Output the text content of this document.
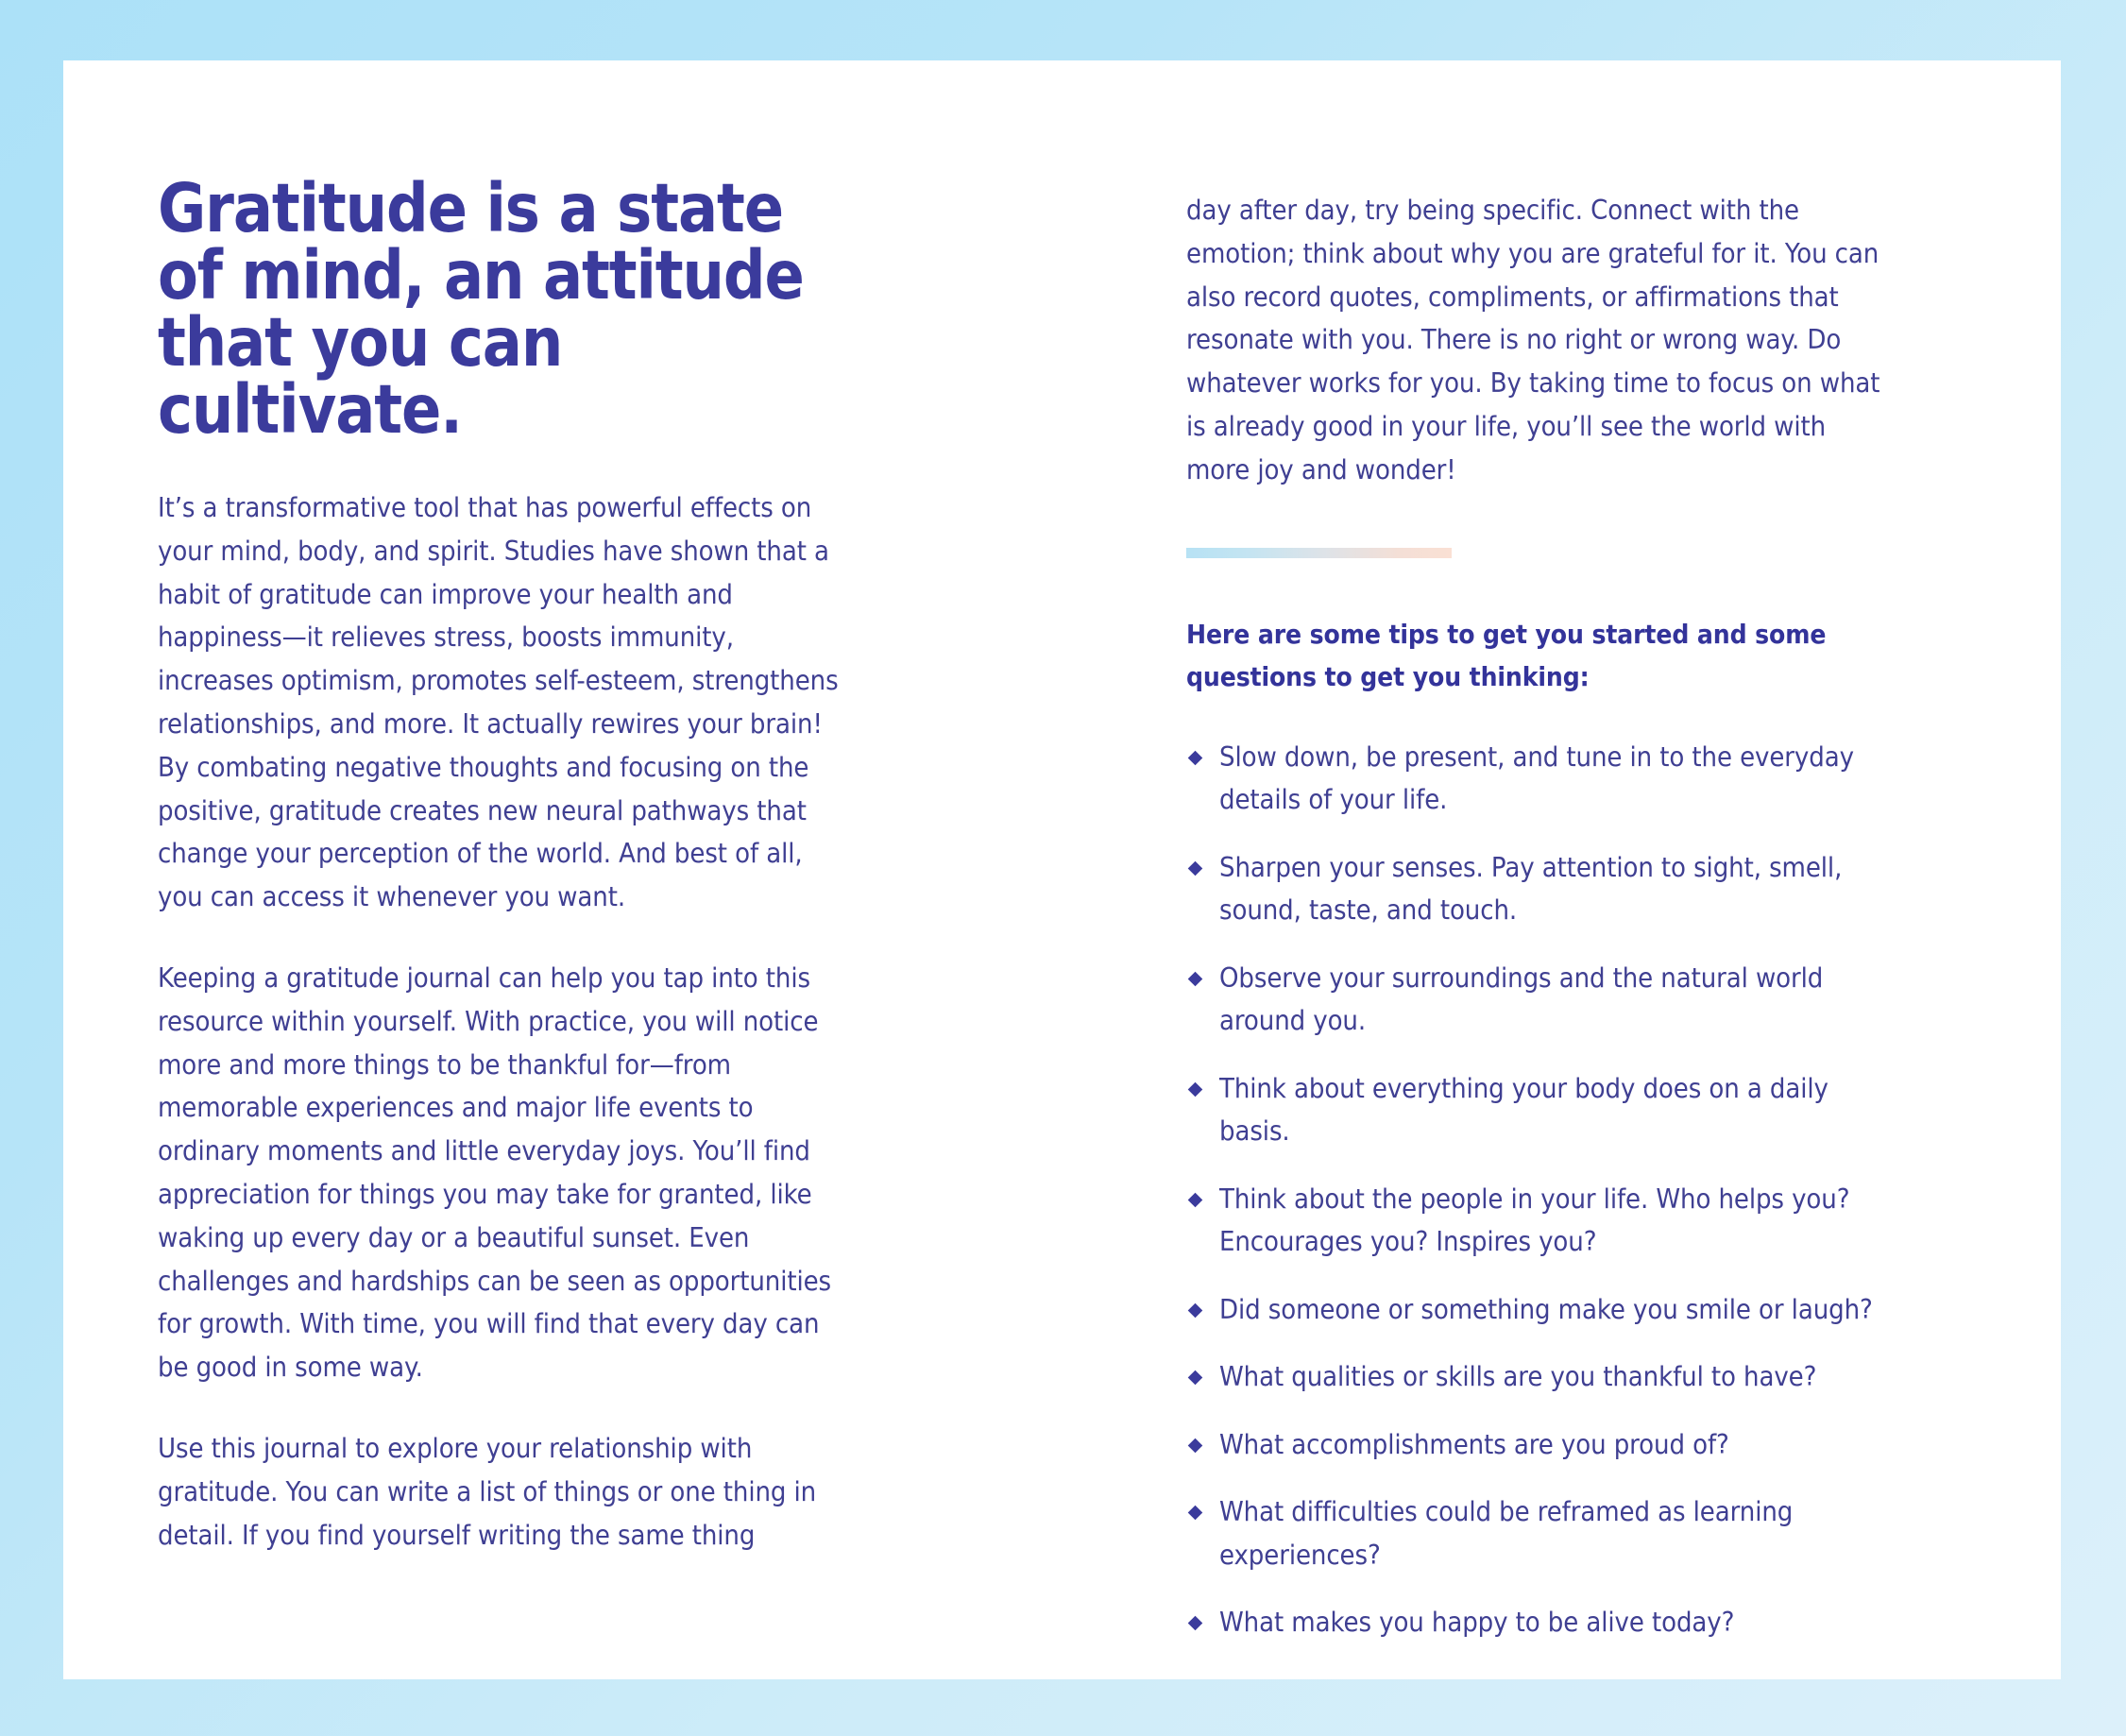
Gratitude is a state of mind, an attitude that you can cultivate.

It’s a transformative tool that has powerful effects on your mind, body, and spirit. Studies have shown that a habit of gratitude can improve your health and happiness—it relieves stress, boosts immunity, increases optimism, promotes self-esteem, strengthens relationships, and more. It actually rewires your brain! By combating negative thoughts and focusing on the positive, gratitude creates new neural pathways that change your perception of the world. And best of all, you can access it whenever you want.

Keeping a gratitude journal can help you tap into this resource within yourself. With practice, you will notice more and more things to be thankful for—from memorable experiences and major life events to ordinary moments and little everyday joys. You’ll find appreciation for things you may take for granted, like waking up every day or a beautiful sunset. Even challenges and hardships can be seen as opportunities for growth. With time, you will find that every day can be good in some way.

Use this journal to explore your relationship with gratitude. You can write a list of things or one thing in detail. If you find yourself writing the same thing

day after day, try being specific. Connect with the emotion; think about why you are grateful for it. You can also record quotes, compliments, or affirmations that resonate with you. There is no right or wrong way. Do whatever works for you. By taking time to focus on what is already good in your life, you’ll see the world with more joy and wonder!

Here are some tips to get you started and some questions to get you thinking:

Slow down, be present, and tune in to the everyday details of your life.
Sharpen your senses. Pay attention to sight, smell, sound, taste, and touch.
Observe your surroundings and the natural world around you.
Think about everything your body does on a daily basis.
Think about the people in your life. Who helps you? Encourages you? Inspires you?
Did someone or something make you smile or laugh?
What qualities or skills are you thankful to have?
What accomplishments are you proud of?
What difficulties could be reframed as learning experiences?
What makes you happy to be alive today?
